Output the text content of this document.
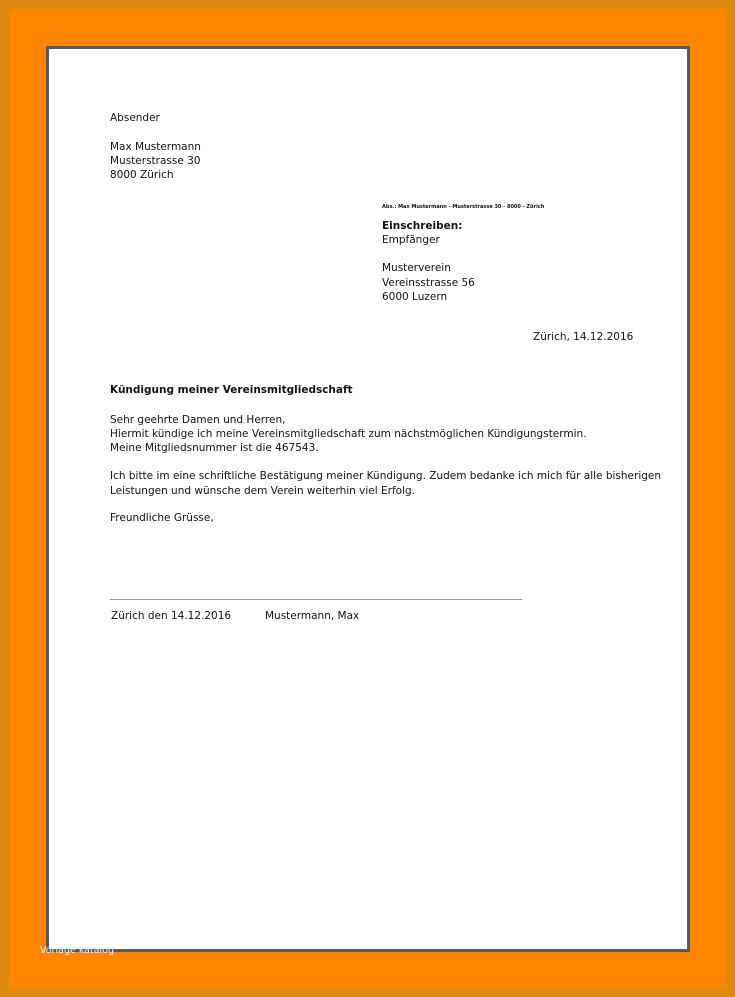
Absender
Max Mustermann
Musterstrasse 30
8000 Zürich
Abs.: Max Mustermann - Musterstrasse 30 - 8000 - Zürich
Einschreiben:
Empfänger
Musterverein
Vereinsstrasse 56
6000 Luzern
Zürich, 14.12.2016
Kündigung meiner Vereinsmitgliedschaft
Sehr geehrte Damen und Herren,
Hiermit kündige ich meine Vereinsmitgliedschaft zum nächstmöglichen Kündigungstermin.
Meine Mitgliedsnummer ist die 467543.
Ich bitte im eine schriftliche Bestätigung meiner Kündigung. Zudem bedanke ich mich für alle bisherigen
Leistungen und wünsche dem Verein weiterhin viel Erfolg.
Freundliche Grüsse,
Zürich den 14.12.2016	Mustermann, Max
Vorlage katalog
